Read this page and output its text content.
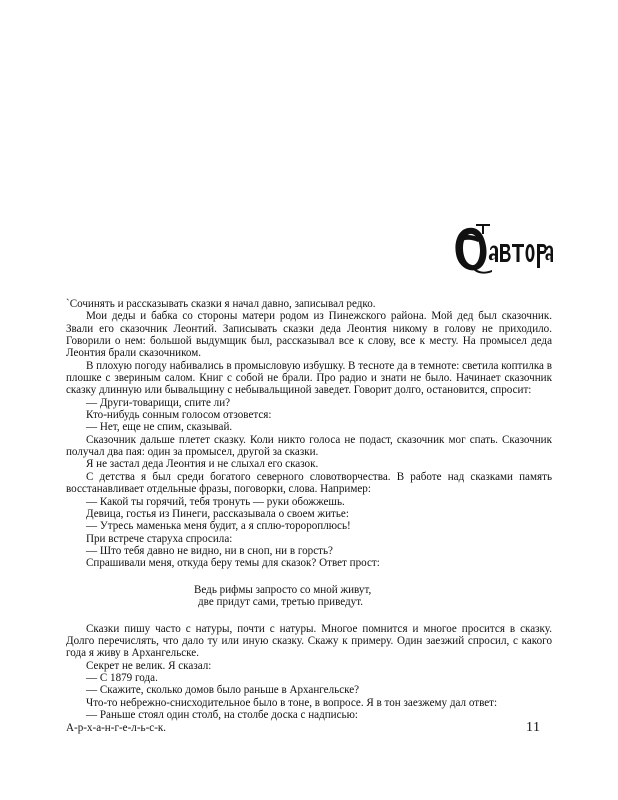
`Сочинять и рассказывать сказки я начал давно, записывал редко.

Мои деды и бабка со стороны матери родом из Пинежского района. Мой дед был сказочник. Звали его сказочник Леонтий. Записывать сказки деда Леонтия никому в голову не приходило. Говорили о нем: большой выдумщик был, рассказывал все к слову, все к месту. На промысел деда Леонтия брали сказочником.

В плохую погоду набивались в промысловую избушку. В тесноте да в темноте: светила коптилка в плошке с звериным салом. Книг с собой не брали. Про радио и знати не было. Начинает сказочник сказку длинную или бывальщину с небывальщиной заведет. Говорит долго, остановится, спросит:

— Други-товарищи, спите ли?

Кто-нибудь сонным голосом отзовется:

— Нет, еще не спим, сказывай.

Сказочник дальше плетет сказку. Коли никто голоса не подаст, сказочник мог спать. Сказочник получал два пая: один за промысел, другой за сказки.

Я не застал деда Леонтия и не слыхал его сказок.

С детства я был среди богатого северного словотворчества. В работе над сказками память восстанавливает отдельные фразы, поговорки, слова. Например:

— Какой ты горячий, тебя тронуть — руки обожжешь.

Девица, гостья из Пинеги, рассказывала о своем житье:

— Утресь маменька меня будит, а я сплю-торороплюсь!

При встрече старуха спросила:

— Што тебя давно не видно, ни в сноп, ни в горсть?

Спрашивали меня, откуда беру темы для сказок? Ответ прост:

Ведь рифмы запросто со мной живут,
две придут сами, третью приведут.

Сказки пишу часто с натуры, почти с натуры. Многое помнится и многое просится в сказку. Долго перечислять, что дало ту или иную сказку. Скажу к примеру. Один заезжий спросил, с какого года я живу в Архангельске.

Секрет не велик. Я сказал:

— С 1879 года.

— Скажите, сколько домов было раньше в Архангельске?

Что-то небрежно-снисходительное было в тоне, в вопросе. Я в тон заезжему дал ответ:

— Раньше стоял один столб, на столбе доска с надписью:

А-р-х-а-н-г-е-л-ь-с-к.	11
